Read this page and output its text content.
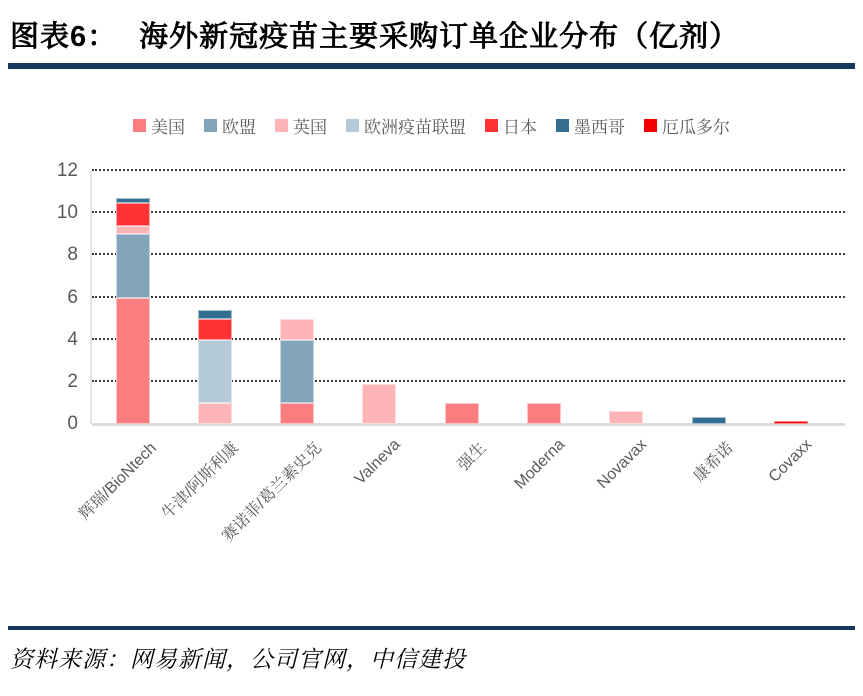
图表6： 海外新冠疫苗主要采购订单企业分布（亿剂）
美国 欧盟 英国 欧洲疫苗联盟 日本 墨西哥 厄瓜多尔
辉瑞/BioNtech 牛津/阿斯利康
赛诺菲/葛兰素史克 Valneva	强生 Moderna Novavax 康希诺 Covaxx
0
2
4
6
8
10
12
资料来源：网易新闻，公司官网，中信建投
